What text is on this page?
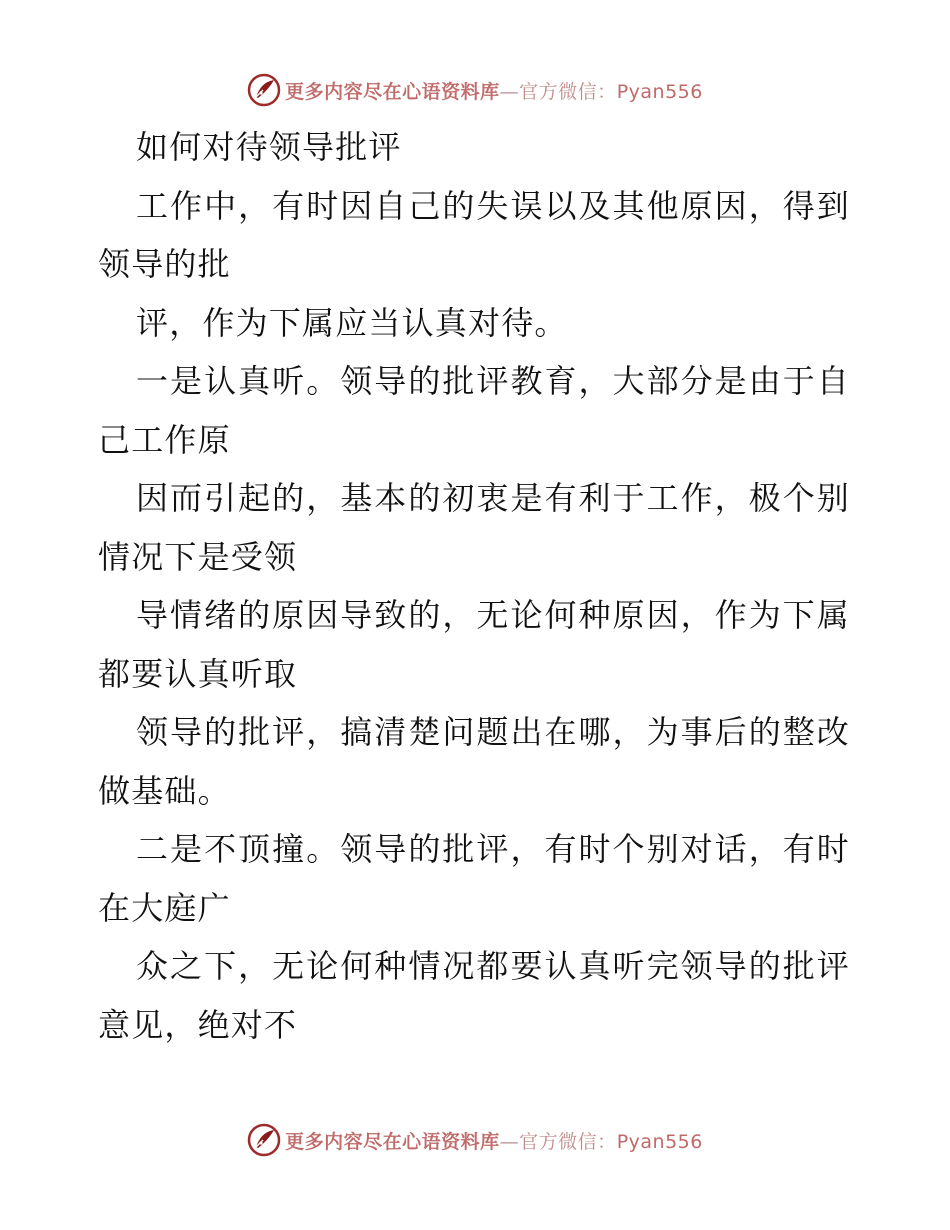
更多内容尽在心语资料库—官方微信：Pyan556

如何对待领导批评

工作中，有时因自己的失误以及其他原因，得到领导的批

评，作为下属应当认真对待。

一是认真听。领导的批评教育，大部分是由于自己工作原

因而引起的，基本的初衷是有利于工作，极个别情况下是受领

导情绪的原因导致的，无论何种原因，作为下属都要认真听取

领导的批评，搞清楚问题出在哪，为事后的整改做基础。

二是不顶撞。领导的批评，有时个别对话，有时在大庭广

众之下，无论何种情况都要认真听完领导的批评意见，绝对不

更多内容尽在心语资料库—官方微信：Pyan556
